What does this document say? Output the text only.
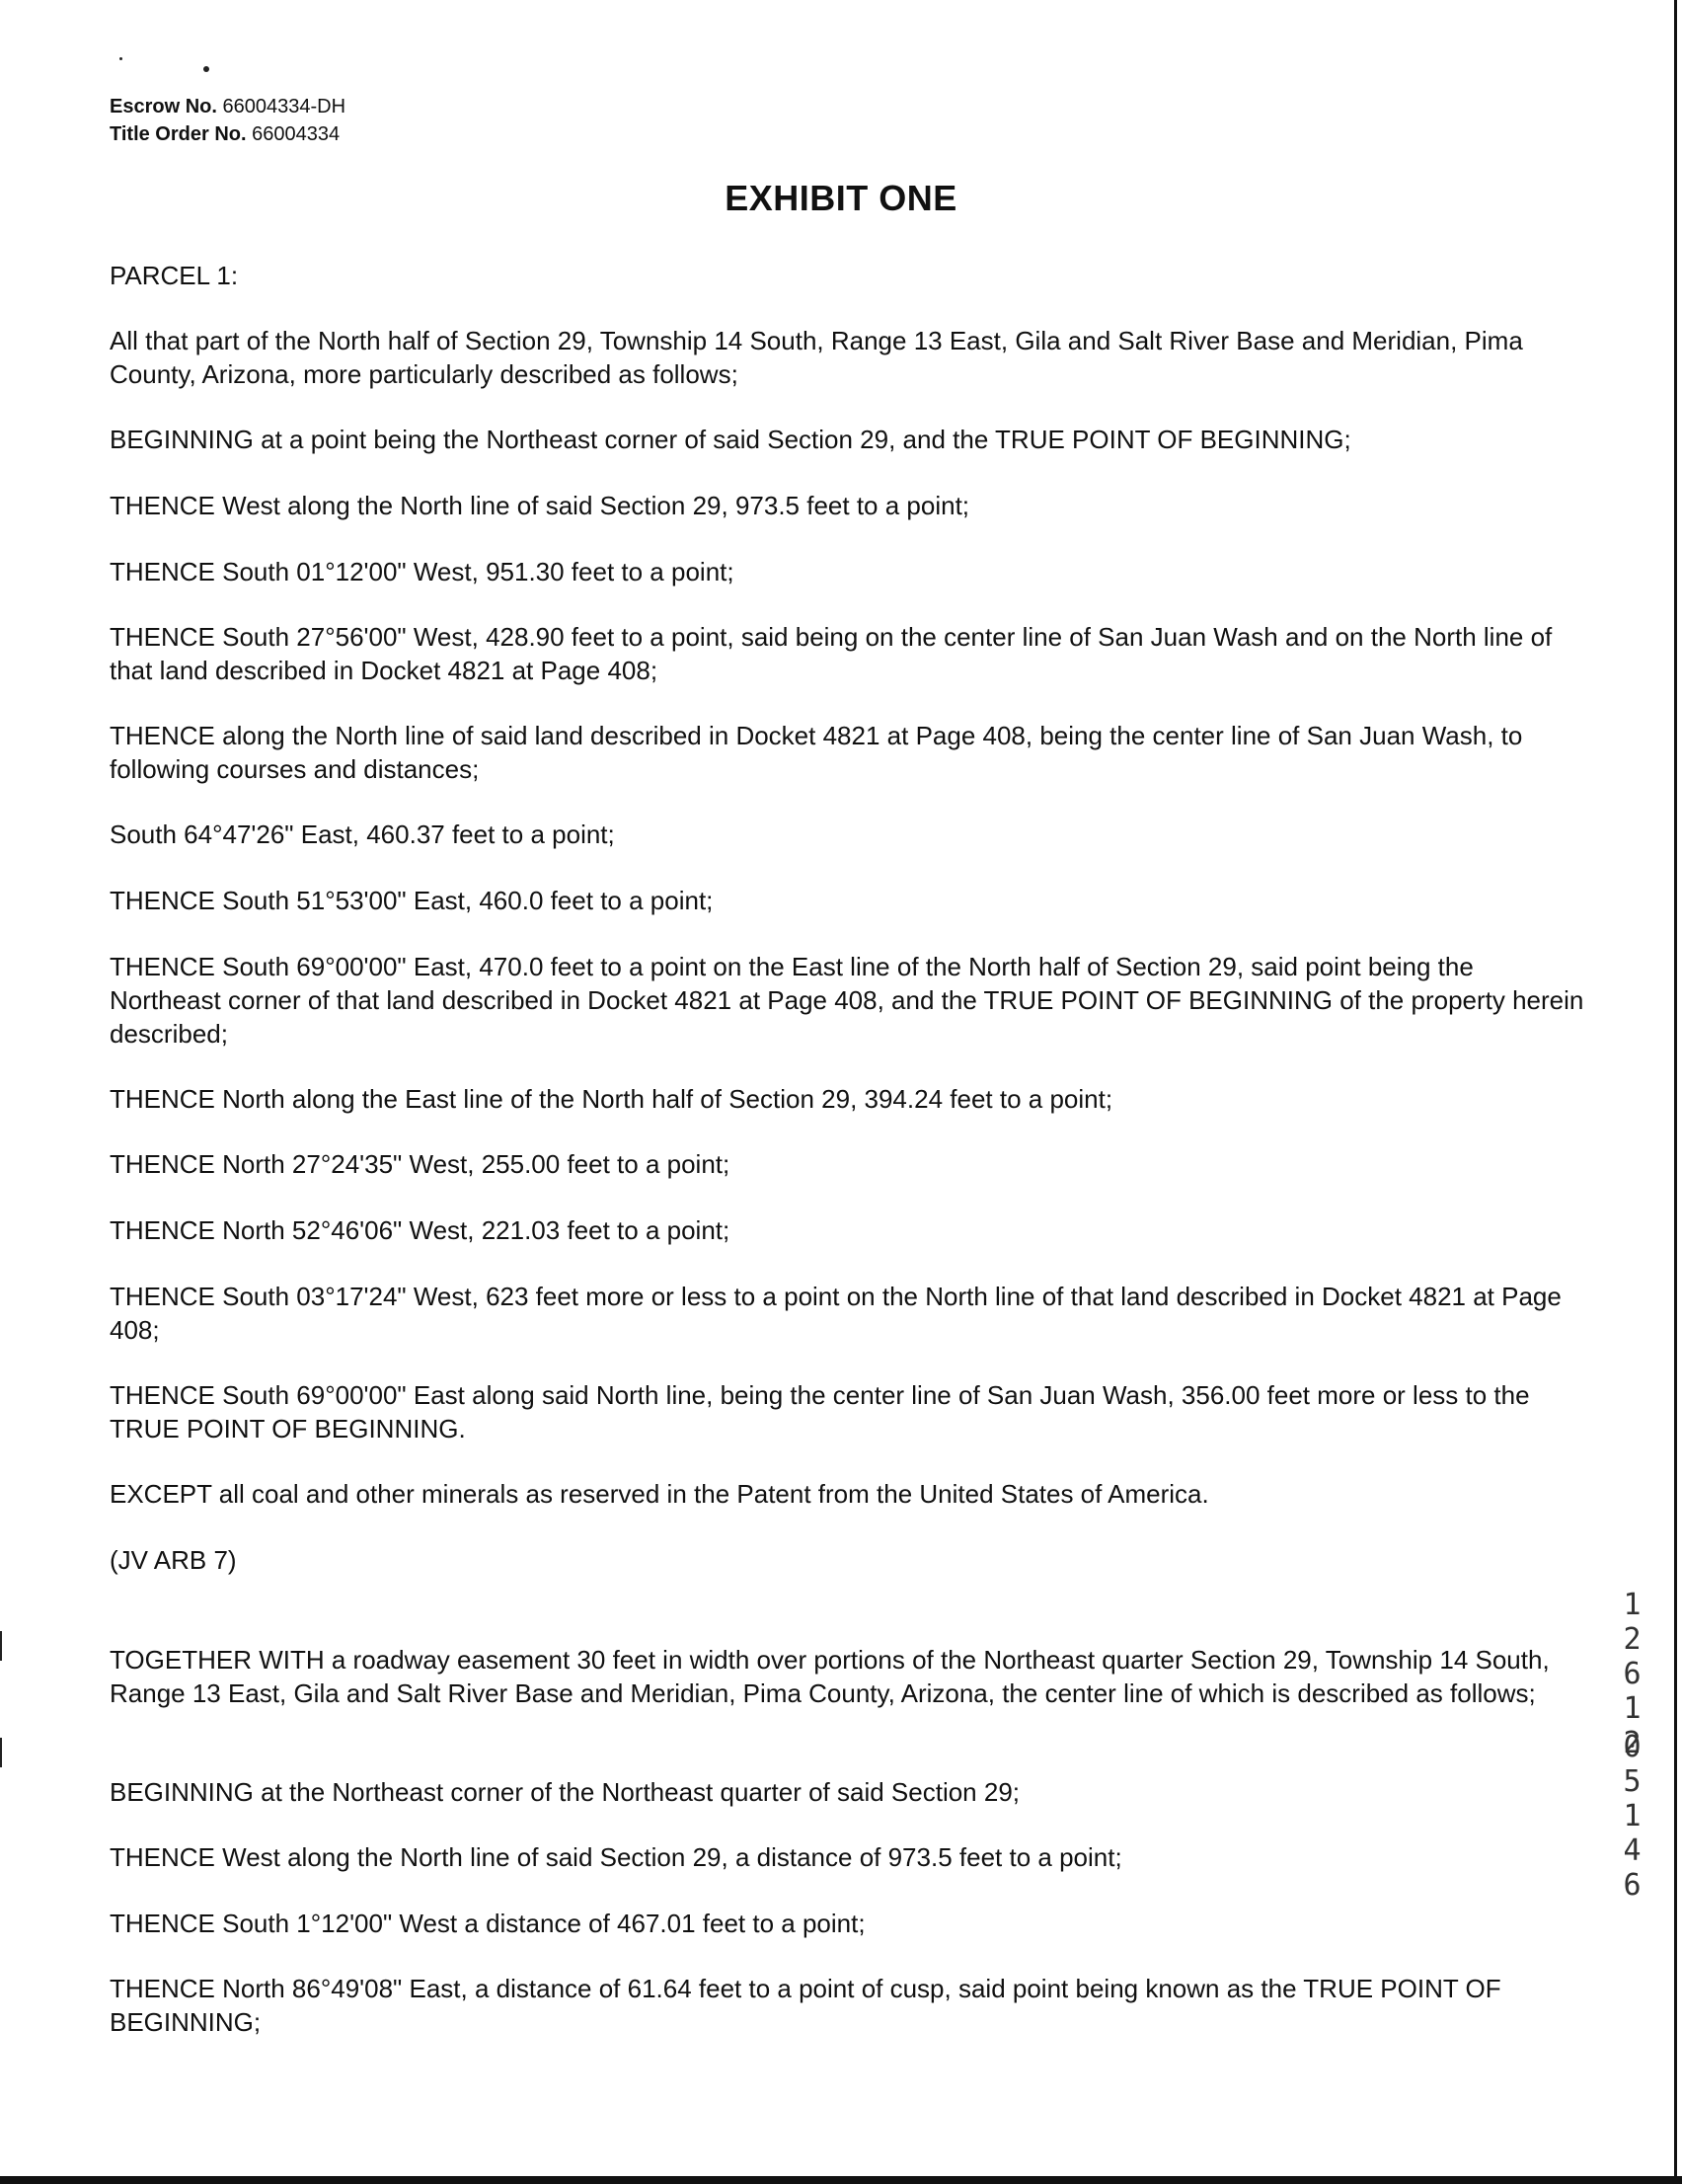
Escrow No. 66004334-DH
Title Order No. 66004334
EXHIBIT ONE

PARCEL 1:

All that part of the North half of Section 29, Township 14 South, Range 13 East, Gila and Salt River Base and Meridian, Pima County, Arizona, more particularly described as follows;

BEGINNING at a point being the Northeast corner of said Section 29, and the TRUE POINT OF BEGINNING;

THENCE West along the North line of said Section 29, 973.5 feet to a point;

THENCE South 01°12'00" West, 951.30 feet to a point;

THENCE South 27°56'00" West, 428.90 feet to a point, said being on the center line of San Juan Wash and on the North line of that land described in Docket 4821 at Page 408;

THENCE along the North line of said land described in Docket 4821 at Page 408, being the center line of San Juan Wash, to following courses and distances;

South 64°47'26" East, 460.37 feet to a point;

THENCE South 51°53'00" East, 460.0 feet to a point;

THENCE South 69°00'00" East, 470.0 feet to a point on the East line of the North half of Section 29, said point being the Northeast corner of that land described in Docket 4821 at Page 408, and the TRUE POINT OF BEGINNING of the property herein described;

THENCE North along the East line of the North half of Section 29, 394.24 feet to a point;

THENCE North 27°24'35" West, 255.00 feet to a point;

THENCE North 52°46'06" West, 221.03 feet to a point;

THENCE South 03°17'24" West, 623 feet more or less to a point on the North line of that land described in Docket 4821 at Page 408;

THENCE South 69°00'00" East along said North line, being the center line of San Juan Wash, 356.00 feet more or less to the TRUE POINT OF BEGINNING.

EXCEPT all coal and other minerals as reserved in the Patent from the United States of America.

(JV ARB 7)

TOGETHER WITH a roadway easement 30 feet in width over portions of the Northeast quarter Section 29, Township 14 South, Range 13 East, Gila and Salt River Base and Meridian, Pima County, Arizona, the center line of which is described as follows;

BEGINNING at the Northeast corner of the Northeast quarter of said Section 29;

THENCE West along the North line of said Section 29, a distance of 973.5 feet to a point;

THENCE South 1°12'00" West a distance of 467.01 feet to a point;

THENCE North 86°49'08" East, a distance of 61.64 feet to a point of cusp, said point being known as the TRUE POINT OF BEGINNING;

12612
05146
